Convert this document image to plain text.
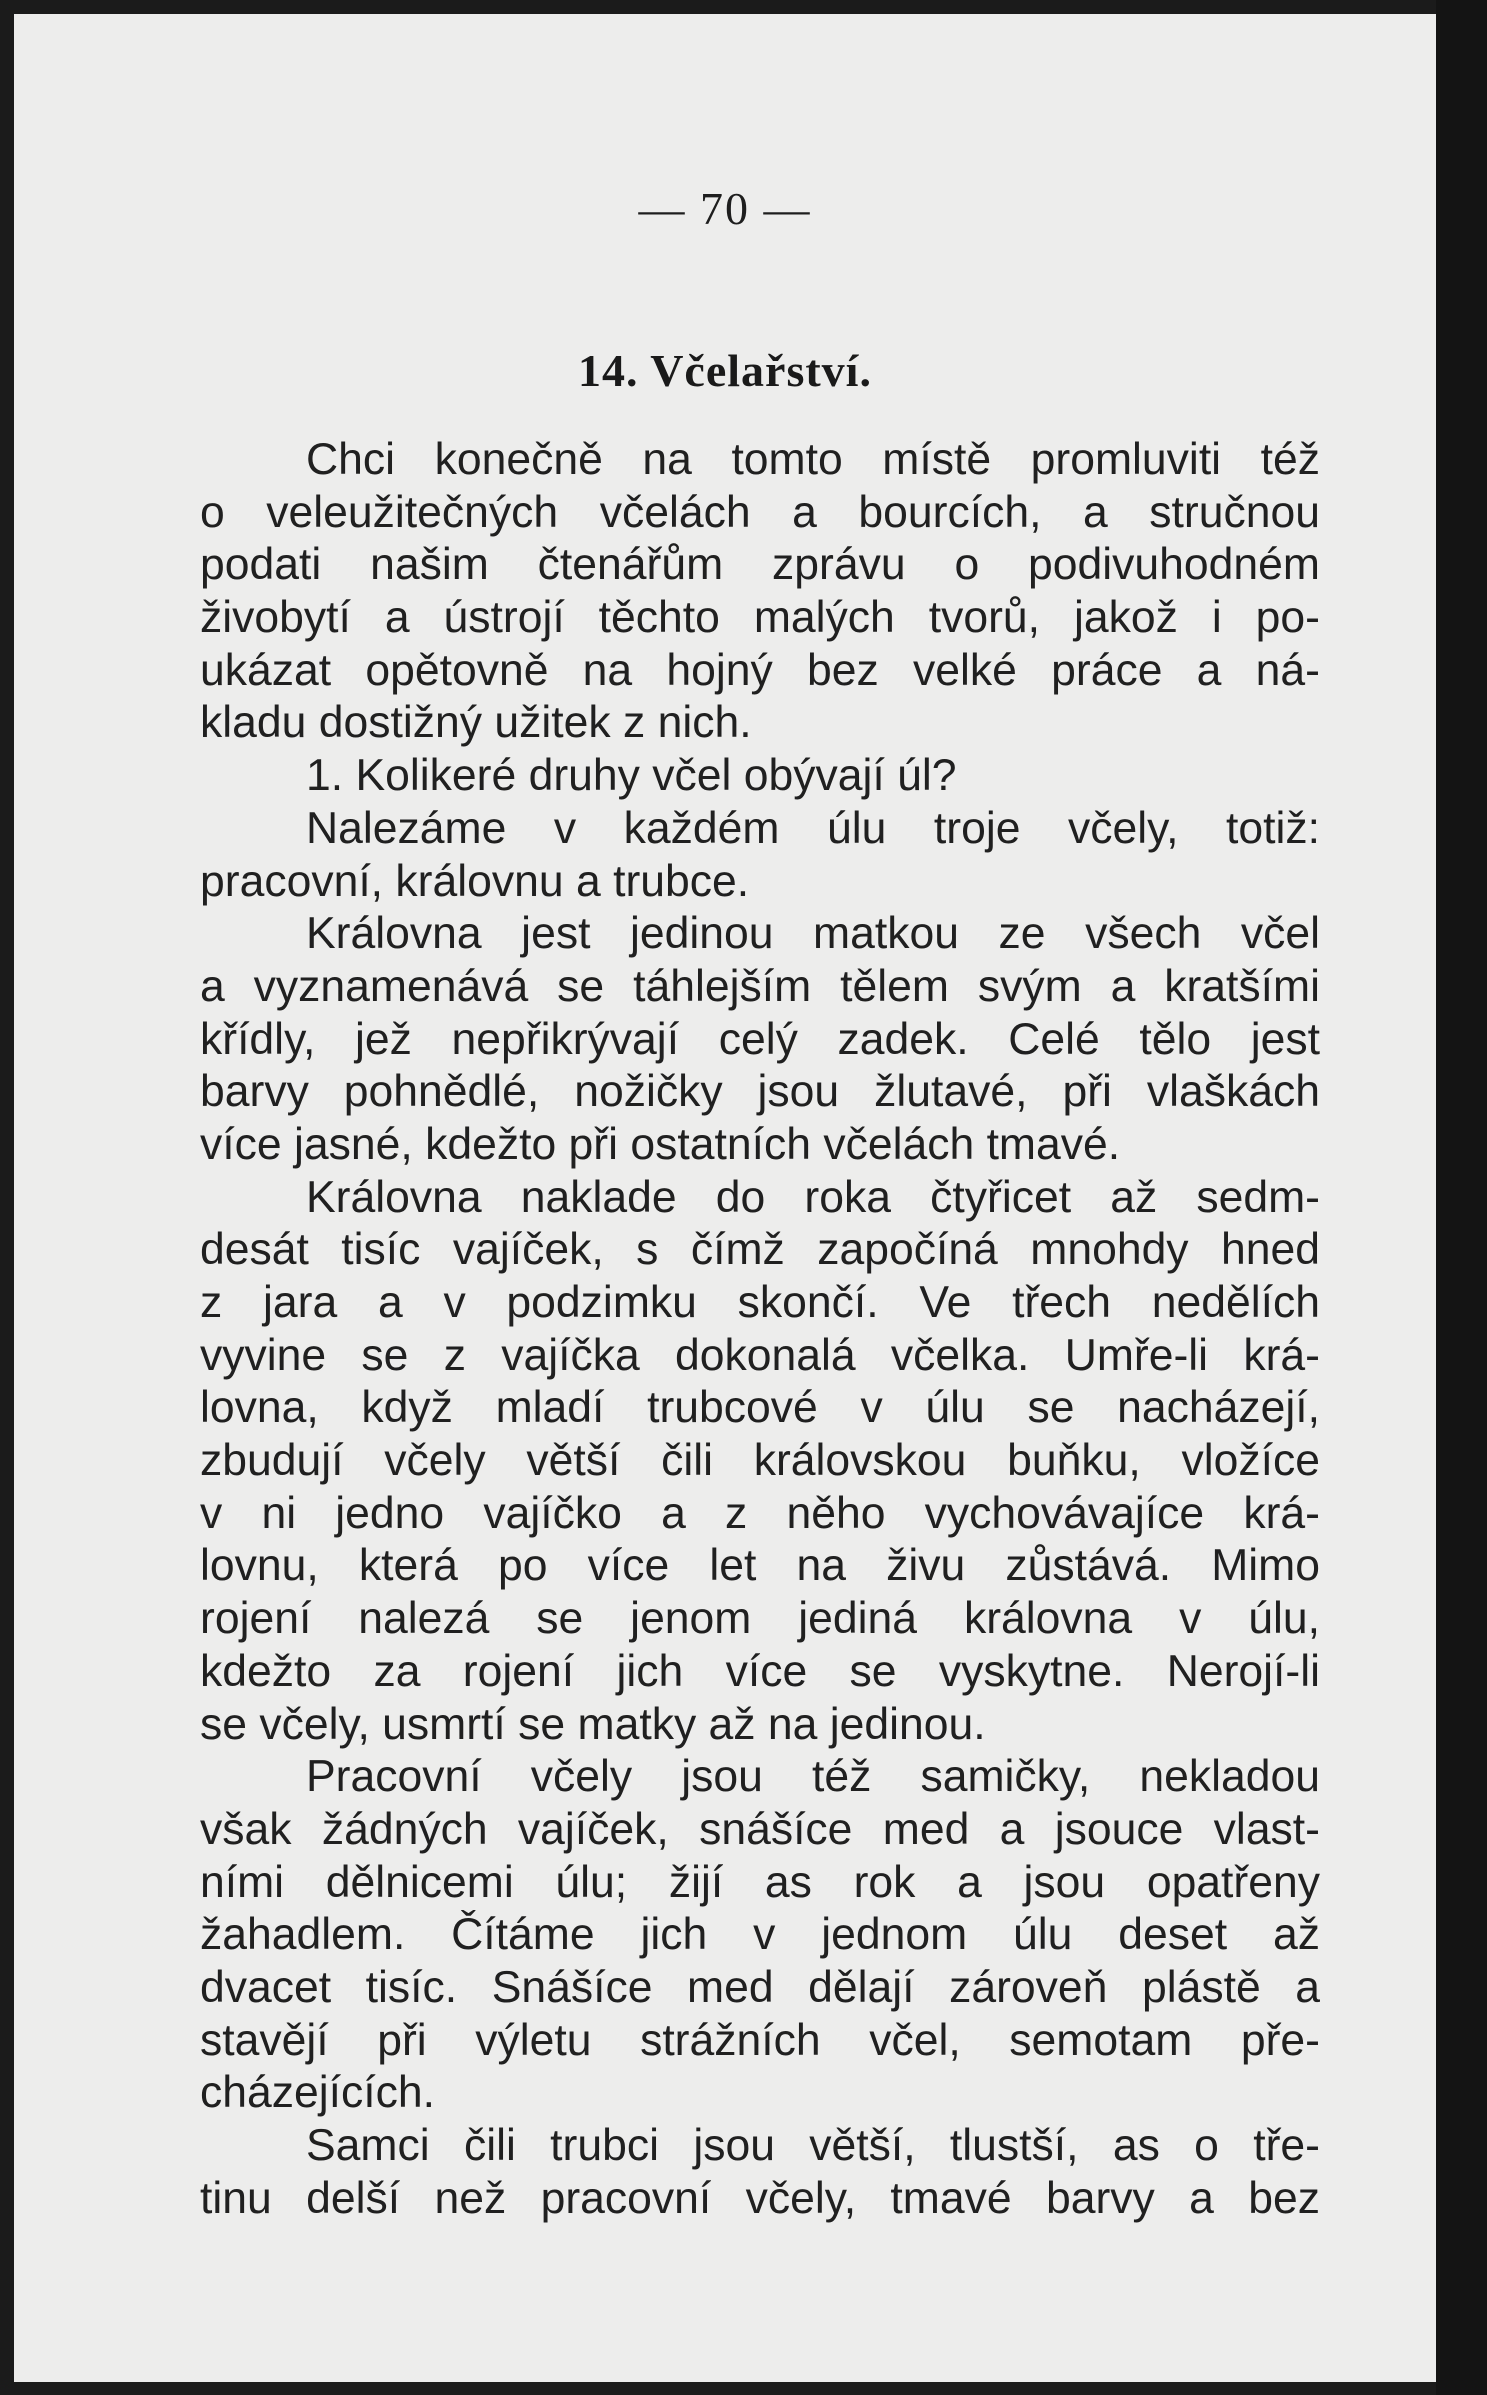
— 70 —
14. Včelařství.
Chci konečně na tomto místě promluviti též
o veleužitečných včelách a bourcích, a stručnou
podati našim čtenářům zprávu o podivuhodném
živobytí a ústrojí těchto malých tvorů, jakož i po-
ukázat opětovně na hojný bez velké práce a ná-
kladu dostižný užitek z nich.
1. Kolikeré druhy včel obývají úl?
Nalezáme v každém úlu troje včely, totiž:
pracovní, královnu a trubce.
Královna jest jedinou matkou ze všech včel
a vyznamenává se táhlejším tělem svým a kratšími
křídly, jež nepřikrývají celý zadek. Celé tělo jest
barvy pohnědlé, nožičky jsou žlutavé, při vlaškách
více jasné, kdežto při ostatních včelách tmavé.
Královna naklade do roka čtyřicet až sedm-
desát tisíc vajíček, s čímž započíná mnohdy hned
z jara a v podzimku skončí. Ve třech nedělích
vyvine se z vajíčka dokonalá včelka. Umře-li krá-
lovna, když mladí trubcové v úlu se nacházejí,
zbudují včely větší čili královskou buňku, vložíce
v ni jedno vajíčko a z něho vychovávajíce krá-
lovnu, která po více let na živu zůstává. Mimo
rojení nalezá se jenom jediná královna v úlu,
kdežto za rojení jich více se vyskytne. Nerojí-li
se včely, usmrtí se matky až na jedinou.
Pracovní včely jsou též samičky, nekladou
však žádných vajíček, snášíce med a jsouce vlast-
ními dělnicemi úlu; žijí as rok a jsou opatřeny
žahadlem. Čítáme jich v jednom úlu deset až
dvacet tisíc. Snášíce med dělají zároveň plástě a
stavějí při výletu strážních včel, semotam pře-
cházejících.
Samci čili trubci jsou větší, tlustší, as o tře-
tinu delší než pracovní včely, tmavé barvy a bez
